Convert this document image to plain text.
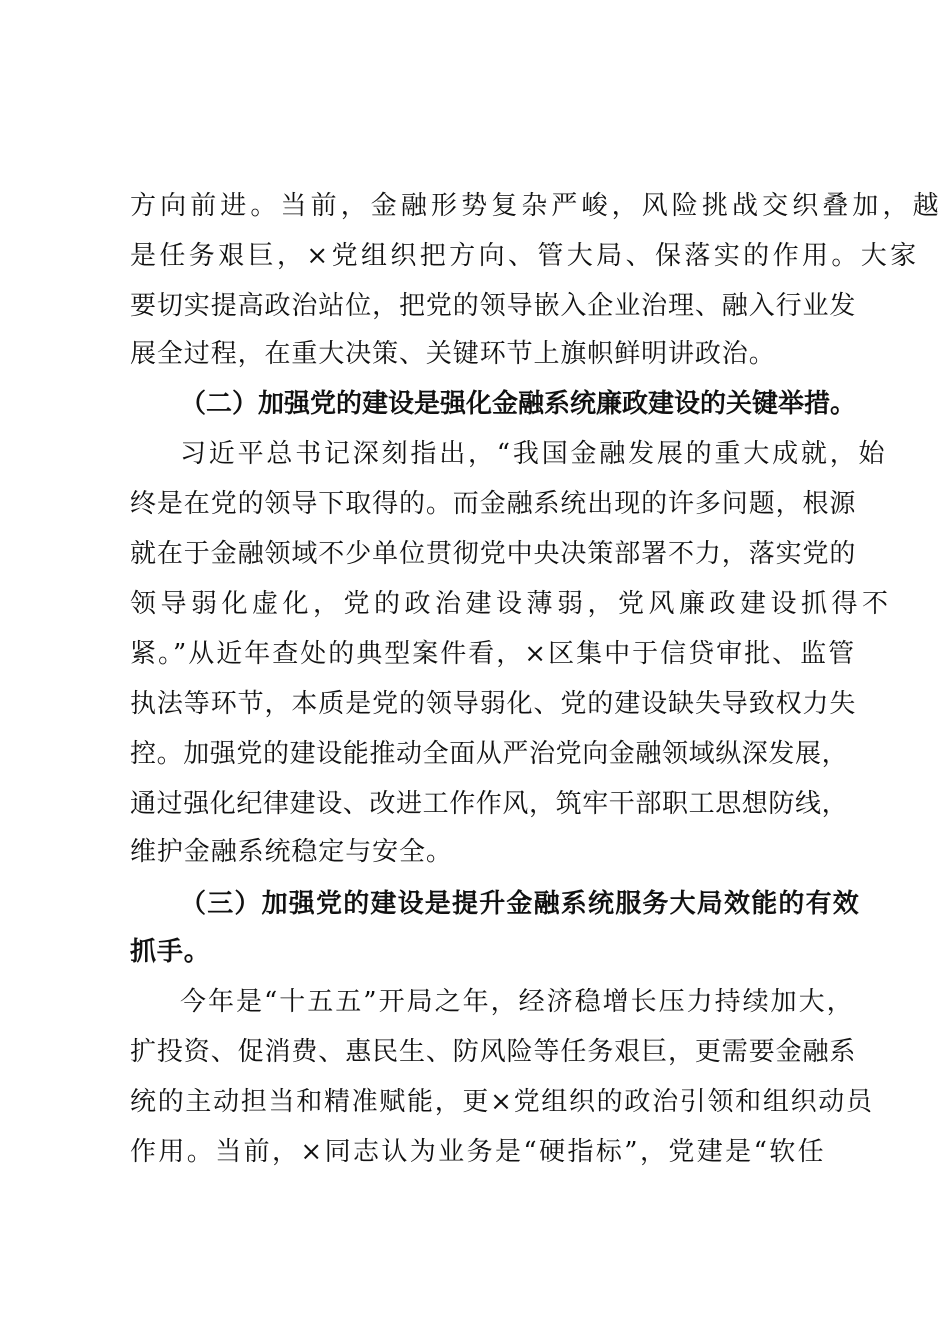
方向前进。当前，金融形势复杂严峻，风险挑战交织叠加，越
是任务艰巨，×党组织把方向、管大局、保落实的作用。大家
要切实提高政治站位，把党的领导嵌入企业治理、融入行业发
展全过程，在重大决策、关键环节上旗帜鲜明讲政治。
（二）加强党的建设是强化金融系统廉政建设的关键举措。
习近平总书记深刻指出，“我国金融发展的重大成就，始
终是在党的领导下取得的。而金融系统出现的许多问题，根源
就在于金融领域不少单位贯彻党中央决策部署不力，落实党的
领导弱化虚化，党的政治建设薄弱，党风廉政建设抓得不
紧。”从近年查处的典型案件看，×区集中于信贷审批、监管
执法等环节，本质是党的领导弱化、党的建设缺失导致权力失
控。加强党的建设能推动全面从严治党向金融领域纵深发展，
通过强化纪律建设、改进工作作风，筑牢干部职工思想防线，
维护金融系统稳定与安全。
（三）加强党的建设是提升金融系统服务大局效能的有效
抓手。
今年是“十五五”开局之年，经济稳增长压力持续加大，
扩投资、促消费、惠民生、防风险等任务艰巨，更需要金融系
统的主动担当和精准赋能，更×党组织的政治引领和组织动员
作用。当前，×同志认为业务是“硬指标”，党建是“软任
